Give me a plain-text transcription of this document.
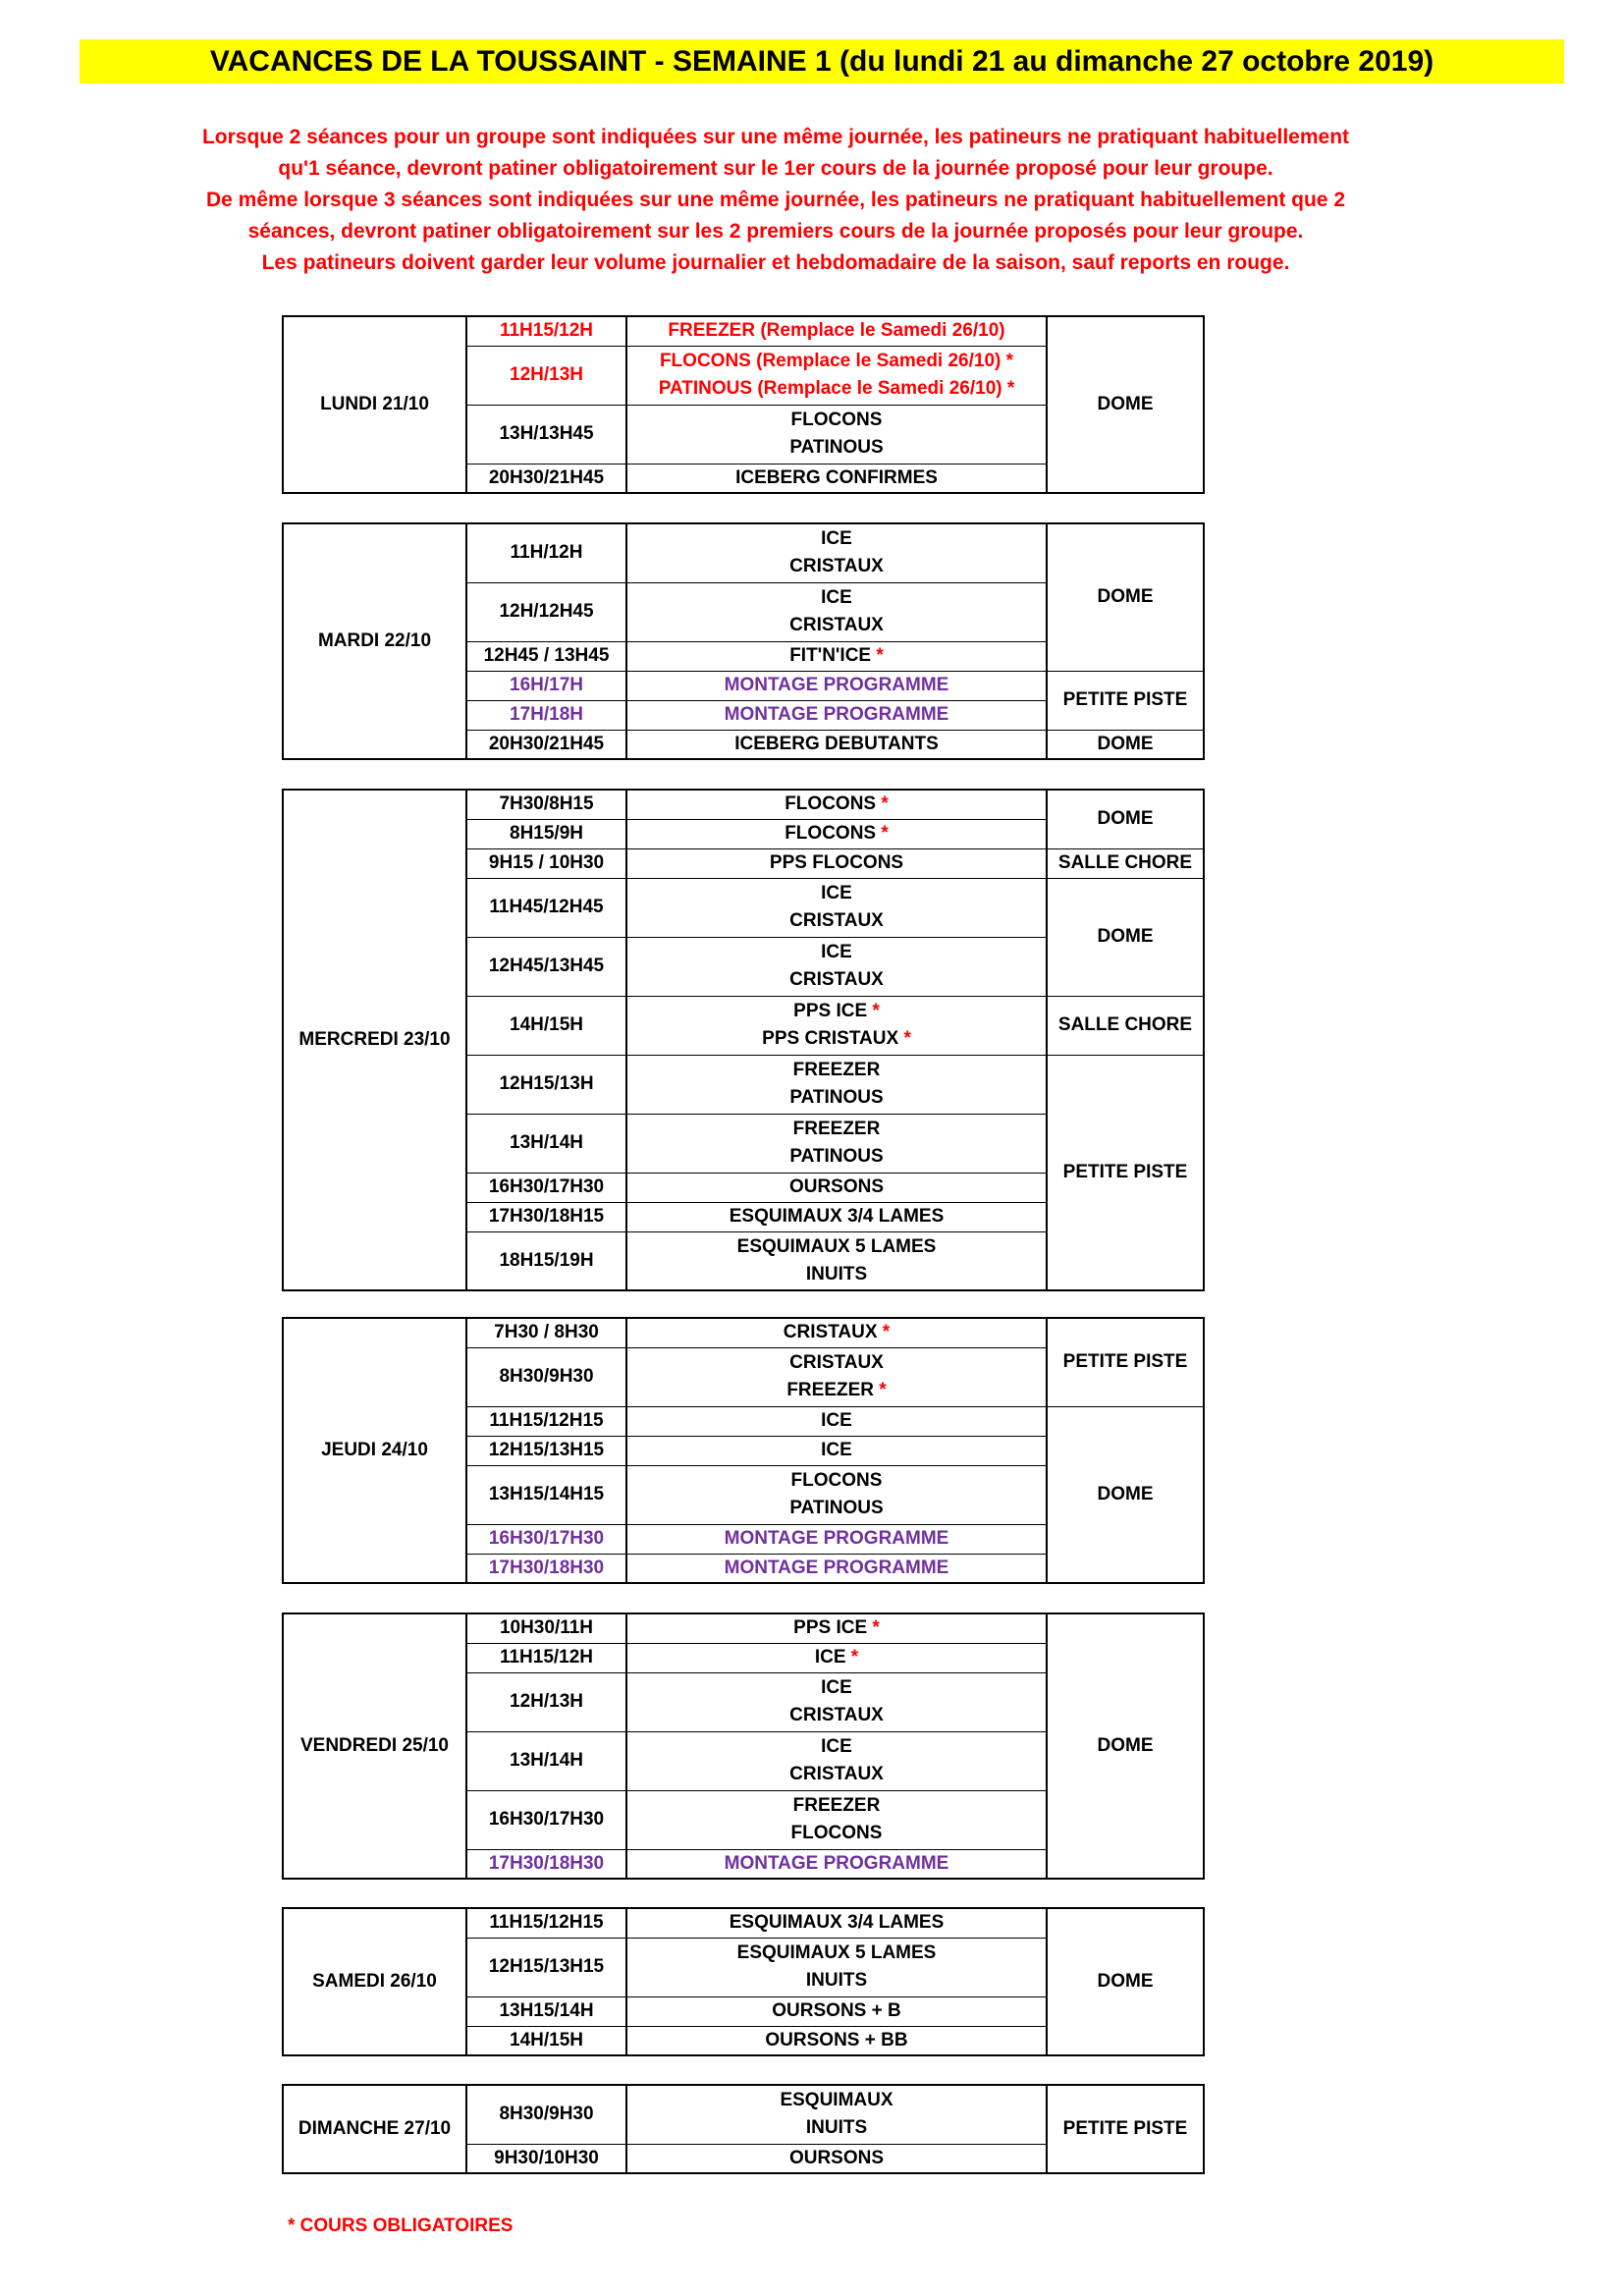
VACANCES DE LA TOUSSAINT - SEMAINE 1 (du lundi 21 au dimanche 27 octobre 2019)
Lorsque 2 séances pour un groupe sont indiquées sur une même journée, les patineurs ne pratiquant habituellement
qu'1 séance, devront patiner obligatoirement sur le 1er cours de la journée proposé pour leur groupe.
De même lorsque 3 séances sont indiquées sur une même journée, les patineurs ne pratiquant habituellement que 2
séances, devront patiner obligatoirement sur les 2 premiers cours de la journée proposés pour leur groupe.
Les patineurs doivent garder leur volume journalier et hebdomadaire de la saison, sauf reports en rouge.
LUNDI 21/10	11H15/12H	FREEZER (Remplace le Samedi 26/10)	DOME
	12H/13H	FLOCONS (Remplace le Samedi 26/10) *
PATINOUS (Remplace le Samedi 26/10) *	

	13H/13H45	FLOCONS
PATINOUS	

	20H30/21H45	ICEBERG CONFIRMES	
MARDI 22/10	11H/12H	ICE
CRISTAUX	DOME
	12H/12H45	ICE
CRISTAUX	

	12H45 / 13H45	FIT'N'ICE *	

	16H/17H	MONTAGE PROGRAMME	PETITE PISTE
	17H/18H	MONTAGE PROGRAMME	

	20H30/21H45	ICEBERG DEBUTANTS	DOME
MERCREDI 23/10	7H30/8H15	FLOCONS *	DOME
	8H15/9H	FLOCONS *	

	9H15 / 10H30	PPS FLOCONS	SALLE CHORE
	11H45/12H45	ICE
CRISTAUX	DOME
	12H45/13H45	ICE
CRISTAUX	

	14H/15H	PPS ICE *
PPS CRISTAUX *	SALLE CHORE
	12H15/13H	FREEZER
PATINOUS	PETITE PISTE
	13H/14H	FREEZER
PATINOUS	

	16H30/17H30	OURSONS	

	17H30/18H15	ESQUIMAUX 3/4 LAMES	

	18H15/19H	ESQUIMAUX 5 LAMES
INUITS	
JEUDI 24/10	7H30 / 8H30	CRISTAUX *	PETITE PISTE
	8H30/9H30	CRISTAUX
FREEZER *	

	11H15/12H15	ICE	DOME
	12H15/13H15	ICE	

	13H15/14H15	FLOCONS
PATINOUS	

	16H30/17H30	MONTAGE PROGRAMME	

	17H30/18H30	MONTAGE PROGRAMME	
VENDREDI 25/10	10H30/11H	PPS ICE *	DOME
	11H15/12H	ICE *	

	12H/13H	ICE
CRISTAUX	

	13H/14H	ICE
CRISTAUX	

	16H30/17H30	FREEZER
FLOCONS	

	17H30/18H30	MONTAGE PROGRAMME	
SAMEDI 26/10	11H15/12H15	ESQUIMAUX 3/4 LAMES	DOME
	12H15/13H15	ESQUIMAUX 5 LAMES
INUITS	

	13H15/14H	OURSONS + B	

	14H/15H	OURSONS + BB	
DIMANCHE 27/10	8H30/9H30	ESQUIMAUX
INUITS	PETITE PISTE
	9H30/10H30	OURSONS	
* COURS OBLIGATOIRES
